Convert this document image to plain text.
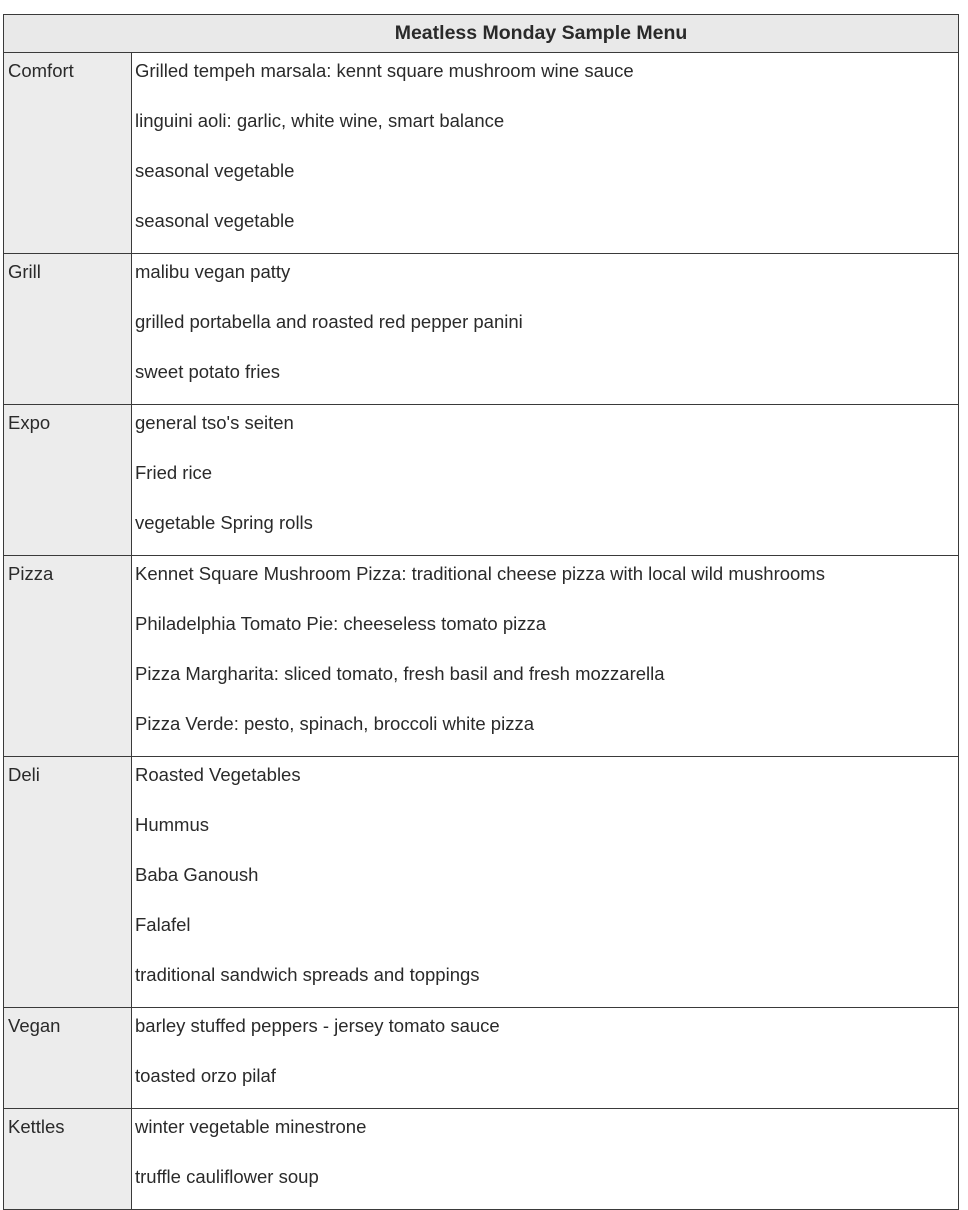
Meatless Monday Sample Menu	
Comfort	Grilled tempeh marsala: kennt square mushroom wine sauce
linguini aoli: garlic, white wine, smart balance
seasonal vegetable
seasonal vegetable

Grill	malibu vegan patty
grilled portabella and roasted red pepper panini
sweet potato fries

Expo	general tso's seiten
Fried rice
vegetable Spring rolls

Pizza	Kennet Square Mushroom Pizza: traditional cheese pizza with local wild mushrooms
Philadelphia Tomato Pie: cheeseless tomato pizza
Pizza Margharita: sliced tomato, fresh basil and fresh mozzarella
Pizza Verde: pesto, spinach, broccoli white pizza

Deli	Roasted Vegetables
Hummus
Baba Ganoush
Falafel
traditional sandwich spreads and toppings

Vegan	barley stuffed peppers - jersey tomato sauce
toasted orzo pilaf

Kettles	winter vegetable minestrone
truffle cauliflower soup
